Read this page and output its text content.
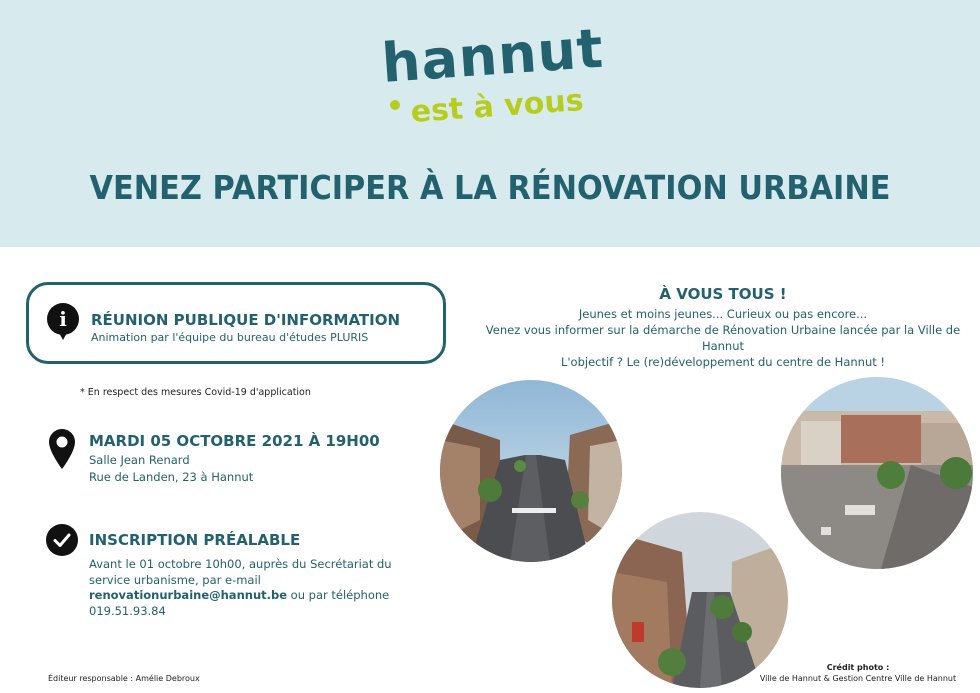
hannut
est à vous
VENEZ PARTICIPER À LA RÉNOVATION URBAINE
i	RÉUNION PUBLIQUE D'INFORMATION
Animation par l'équipe du bureau d'études PLURIS
* En respect des mesures Covid-19 d'application
MARDI 05 OCTOBRE 2021 À 19H00
Salle Jean Renard
Rue de Landen, 23 à Hannut
INSCRIPTION PRÉALABLE
Avant le 01 octobre 10h00, auprès du Secrétariat du service urbanisme, par e-mail renovationurbaine@hannut.be ou par téléphone 019.51.93.84
À VOUS TOUS !
Jeunes et moins jeunes... Curieux ou pas encore...
Venez vous informer sur la démarche de Rénovation Urbaine lancée par la Ville de Hannut
L'objectif ? Le (re)développement du centre de Hannut !
Éditeur responsable : Amélie Debroux
Crédit photo :
Ville de Hannut & Gestion Centre Ville de Hannut
